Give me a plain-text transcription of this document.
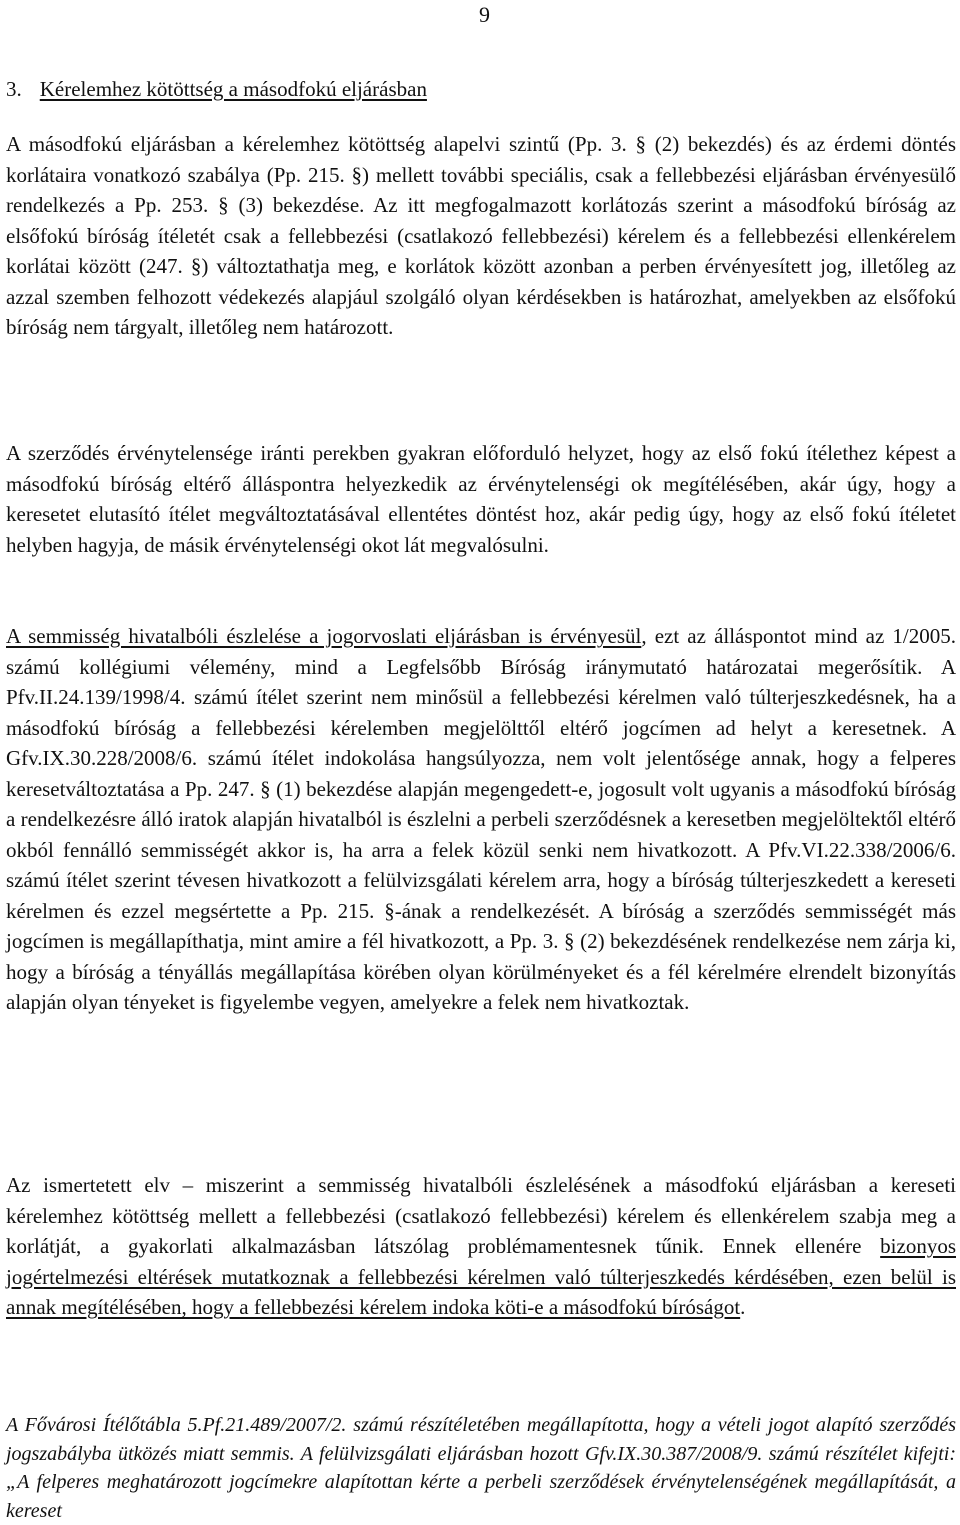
9
3. Kérelemhez kötöttség a másodfokú eljárásban

A másodfokú eljárásban a kérelemhez kötöttség alapelvi szintű (Pp. 3. § (2) bekezdés) és az érdemi döntés korlátaira vonatkozó szabálya (Pp. 215. §) mellett további speciális, csak a fellebbezési eljárásban érvényesülő rendelkezés a Pp. 253. § (3) bekezdése. Az itt megfogalmazott korlátozás szerint a másodfokú bíróság az elsőfokú bíróság ítéletét csak a fellebbezési (csatlakozó fellebbezési) kérelem és a fellebbezési ellenkérelem korlátai között (247. §) változtathatja meg, e korlátok között azonban a perben érvényesített jog, illetőleg az azzal szemben felhozott védekezés alapjául szolgáló olyan kérdésekben is határozhat, amelyekben az elsőfokú bíróság nem tárgyalt, illetőleg nem határozott.

A szerződés érvénytelensége iránti perekben gyakran előforduló helyzet, hogy az első fokú ítélethez képest a másodfokú bíróság eltérő álláspontra helyezkedik az érvénytelenségi ok megítélésében, akár úgy, hogy a keresetet elutasító ítélet megváltoztatásával ellentétes döntést hoz, akár pedig úgy, hogy az első fokú ítéletet helyben hagyja, de másik érvénytelenségi okot lát megvalósulni.

A semmisség hivatalbóli észlelése a jogorvoslati eljárásban is érvényesül, ezt az álláspontot mind az 1/2005. számú kollégiumi vélemény, mind a Legfelsőbb Bíróság iránymutató határozatai megerősítik. A Pfv.II.24.139/1998/4. számú ítélet szerint nem minősül a fellebbezési kérelmen való túlterjeszkedésnek, ha a másodfokú bíróság a fellebbezési kérelemben megjelölttől eltérő jogcímen ad helyt a keresetnek. A Gfv.IX.30.228/2008/6. számú ítélet indokolása hangsúlyozza, nem volt jelentősége annak, hogy a felperes keresetváltoztatása a Pp. 247. § (1) bekezdése alapján megengedett-e, jogosult volt ugyanis a másodfokú bíróság a rendelkezésre álló iratok alapján hivatalból is észlelni a perbeli szerződésnek a keresetben megjelöltektől eltérő okból fennálló semmisségét akkor is, ha arra a felek közül senki nem hivatkozott. A Pfv.VI.22.338/2006/6. számú ítélet szerint tévesen hivatkozott a felülvizsgálati kérelem arra, hogy a bíróság túlterjeszkedett a kereseti kérelmen és ezzel megsértette a Pp. 215. §-ának a rendelkezését. A bíróság a szerződés semmisségét más jogcímen is megállapíthatja, mint amire a fél hivatkozott, a Pp. 3. § (2) bekezdésének rendelkezése nem zárja ki, hogy a bíróság a tényállás megállapítása körében olyan körülményeket és a fél kérelmére elrendelt bizonyítás alapján olyan tényeket is figyelembe vegyen, amelyekre a felek nem hivatkoztak.

Az ismertetett elv – miszerint a semmisség hivatalbóli észlelésének a másodfokú eljárásban a kereseti kérelemhez kötöttség mellett a fellebbezési (csatlakozó fellebbezési) kérelem és ellenkérelem szabja meg a korlátját, a gyakorlati alkalmazásban látszólag problémamentesnek tűnik. Ennek ellenére bizonyos jogértelmezési eltérések mutatkoznak a fellebbezési kérelmen való túlterjeszkedés kérdésében, ezen belül is annak megítélésében, hogy a fellebbezési kérelem indoka köti-e a másodfokú bíróságot.

A Fővárosi Ítélőtábla 5.Pf.21.489/2007/2. számú részítéletében megállapította, hogy a vételi jogot alapító szerződés jogszabályba ütközés miatt semmis. A felülvizsgálati eljárásban hozott Gfv.IX.30.387/2008/9. számú részítélet kifejti: „A felperes meghatározott jogcímekre alapítottan kérte a perbeli szerződések érvénytelenségének megállapítását, a kereset
